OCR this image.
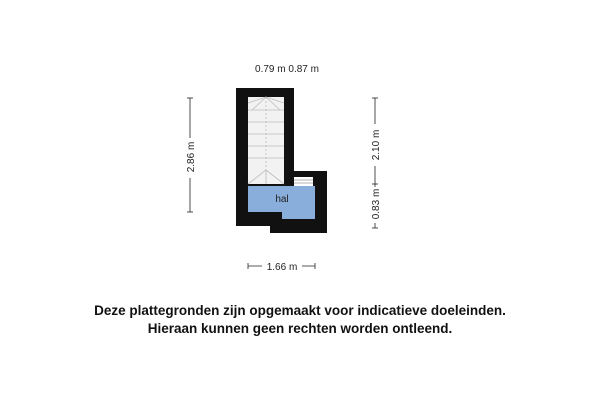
0.79 m 0.87 m
2.86 m	2.10 m
0.83 m
hal
1.66 m
Deze plattegronden zijn opgemaakt voor indicatieve doeleinden.
Hieraan kunnen geen rechten worden ontleend.
